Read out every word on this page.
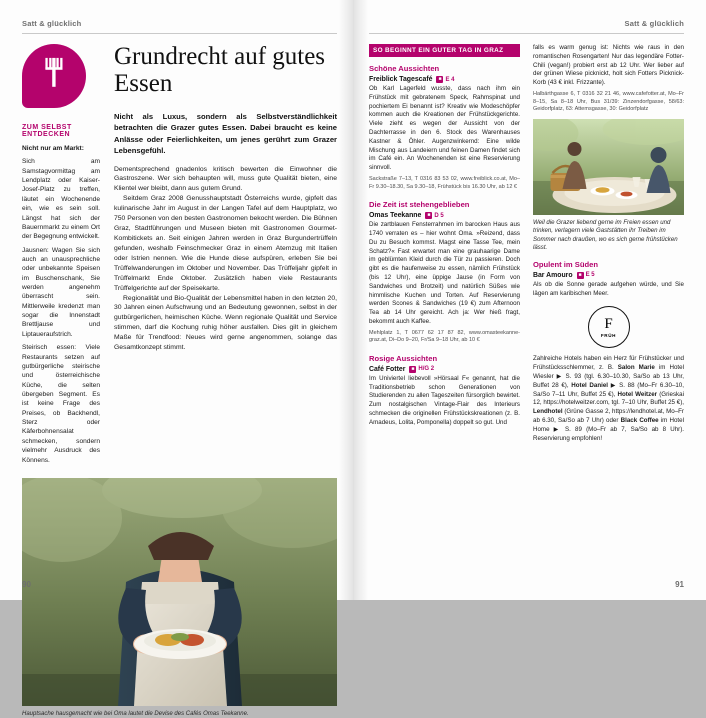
Satt & glücklich
ZUM SELBST ENTDECKEN

Nicht nur am Markt:

Sich am Samstagvormittag am Lendplatz oder Kaiser-Josef-Platz zu treffen, läutet ein Wochenende ein, wie es sein soll. Längst hat sich der Bauernmarkt zu einem Ort der Begegnung entwickelt.

Jausnen: Wagen Sie sich auch an unausprechliche oder unbekannte Speisen im Buschenschank, Sie werden angenehm überrascht sein. Mittlerweile kredenzt man sogar die Innenstadt Brettljause und Liptaueraufstrich.

Steirisch essen: Viele Restaurants setzen auf gutbürgerliche steirische und österreichische Küche, die selten übergeben Segment. Es ist keine Frage des Preises, ob Backhendl, Sterz oder Käferbohnensalat schmecken, sondern vielmehr Ausdruck des Könnens.

Grundrecht auf gutes Essen

Nicht als Luxus, sondern als Selbstverständlichkeit betrachten die Grazer gutes Essen. Dabei braucht es keine Anlässe oder Feierlichkeiten, um jenes gerührt zum Grazer Lebensgefühl.

Dementsprechend gnadenlos kritisch bewerten die Einwohner die Gastroszene. Wer sich behaupten will, muss gute Qualität bieten, eine Klientel wer bleibt, dann aus gutem Grund.

Seitdem Graz 2008 Genusshauptstadt Österreichs wurde, gipfelt das kulinarische Jahr im August in der Langen Tafel auf dem Hauptplatz, wo 750 Personen von den besten Gastronomen bekocht werden. Die Bühnen Graz, Stadtführungen und Museen bieten mit Gastronomen Gourmet-Kombitickets an. Seit einigen Jahren werden in Graz Burgundertrüffeln gefunden, weshalb Feinschmecker Graz in einem Atemzug mit Italien oder Istrien nennen. Wie die Hunde diese aufspüren, erleben Sie bei Trüffelwanderungen im Oktober und November. Das Trüffeljahr gipfelt in Trüffelmarkt Ende Oktober. Zusätzlich haben viele Restaurants Trüffelgerichte auf der Speisekarte.

Regionalität und Bio-Qualität der Lebensmittel haben in den letzten 20, 30 Jahren einen Aufschwung und an Bedeutung gewonnen, selbst in der gutbürgerlichen, heimischen Küche. Wenn regionale Qualität und Service stimmen, darf die Kochung ruhig höher ausfallen. Dies gilt in gleichem Maße für Trendfood: Neues wird gerne angenommen, solange das Gesamtkonzept stimmt.

Hauptsache hausgemacht wie bei Oma lautet die Devise des Cafés Omas Teekanne.
90
Satt & glücklich
SO BEGINNT EIN GUTER TAG IN GRAZ
Schöne Aussichten
Freiblick Tagescafé	■ E 4

Ob Karl Lagerfeld wusste, dass nach ihm ein Frühstück mit gebratenem Speck, Rahmspinat und pochiertem Ei benannt ist? Kreativ wie Modeschöpfer kommen auch die Kreationen der Frühstückgerichte. Viele zieht es wegen der Aussicht von der Dachterrasse in den 6. Stock des Warenhauses Kastner & Öhler. Augenzwinkernd: Eine wilde Mischung aus Landeiern und feinen Damen findet sich im Café ein. An Wochenenden ist eine Reservierung sinnvoll.

Sackstraße 7–13, T 0316 83 53 02, www.freiblick.co.at, Mo–Fr 9.30–18.30, Sa 9.30–18, Frühstück bis 16.30 Uhr, ab 12 €

Die Zeit ist stehengeblieben
Omas Teekanne	■ D 5

Die zartblauen Fensterrahmen im barocken Haus aus 1740 verraten es – hier wohnt Oma. »Reizend, dass Du zu Besuch kommst. Magst eine Tasse Tee, mein Schatz?« Fast erwartet man eine grauhaarige Dame im geblümten Kleid durch die Tür zu passieren. Doch gibt es die haufenweise zu essen, nämlich Frühstück (bis 12 Uhr), eine üppige Jause (in Form von Sandwiches und Brotzeit) und natürlich Süßes wie himmlische Kuchen und Torten. Auf Reservierung werden Scones & Sandwiches (19 €) zum Afternoon Tea ab 14 Uhr gereicht. Ach ja: Wer hieß fragt, bekommt auch Kaffee.

Mehlplatz 1, T 0677 62 17 87 82, www.omasteekanne-graz.at, Di–Do 9–20, Fr/Sa 9–18 Uhr, ab 10 €

Rosige Aussichten
Café Fotter	■ H/G 2

Im Univiertel liebevoll »Hörsaal F« genannt, hat die Traditionsbetrieb schon Generationen von Studierenden zu allen Tageszeiten fürsorglich bewirtet. Zum nostalgischen Vintage-Flair des Interieurs schmecken die originellen Frühstückskreationen (z. B. Amadeus, Lolita, Pomponella) doppelt so gut. Und

falls es warm genug ist: Nichts wie raus in den romantischen Rosengarten! Nur das legendäre Fotter-Chili (vegan!) probiert erst ab 12 Uhr. Wer lieber auf der grünen Wiese picknickt, holt sich Fotters Picknick-Korb (43 € inkl. Frizzante).

Halbärthgasse 6, T 0316 32 21 46, www.cafefotter.at, Mo–Fr 8–15, Sa 8–18 Uhr, Bus 31/39: Zinzendorfgasse, 58/63: Geidorfplatz, 63: Attemsgasse, 30: Geidorfplatz

Weil die Grazer liebend gerne im Freien essen und trinken, verlagern viele Gaststätten ihr Treiben im Sommer nach draußen, wo es sich gerne frühstücken lässt.
Opulent im Süden
Bar Amouro	■ E 5

Als ob die Sonne gerade aufgehen würde, und Sie lägen am karibischen Meer.

F
FRÜH

Zahlreiche Hotels haben ein Herz für Frühstücker und Frühstücksschlemmer, z. B. Salon Marie im Hotel Wiesler ▶ S. 93 (tgl. 6.30–10.30, Sa/So ab 13 Uhr, Buffet 28 €), Hotel Daniel ▶ S. 88 (Mo–Fr 6.30–10, Sa/So 7–11 Uhr, Buffet 25 €), Hotel Weitzer (Grieskai 12, https://hotelweitzer.com, tgl. 7–10 Uhr, Buffet 25 €), Lendhotel (Grüne Gasse 2, https://lendhotel.at, Mo–Fr ab 6.30, Sa/So ab 7 Uhr) oder Black Coffee im Hotel Home ▶ S. 89 (Mo–Fr ab 7, Sa/So ab 8 Uhr). Reservierung empfohlen!

91
